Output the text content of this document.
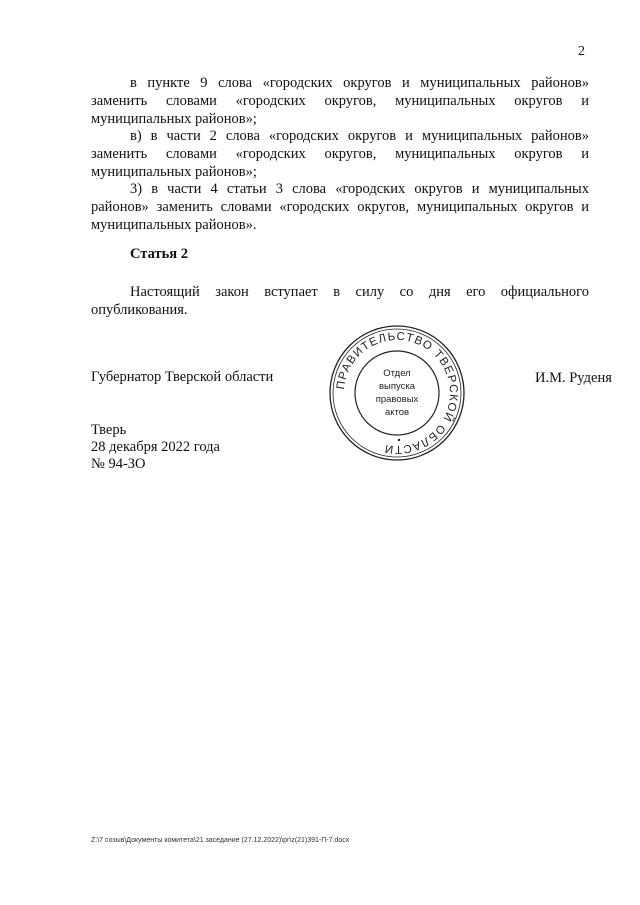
2

в пункте 9 слова «городских округов и муниципальных районов» заменить словами «городских округов, муниципальных округов и муниципальных районов»;

в) в части 2 слова «городских округов и муниципальных районов» заменить словами «городских округов, муниципальных округов и муниципальных районов»;

3) в части 4 статьи 3 слова «городских округов и муниципальных районов» заменить словами «городских округов, муниципальных округов и муниципальных районов».

Статья 2

Настоящий закон вступает в силу со дня его официального опубликования.

Губернатор Тверской области	ПРАВИТЕЛЬСТВО ТВЕРСКОЙ ОБЛАСТИ
Отдел
выпуска
правовых
актов
И.М. Руденя
Тверь
28 декабря 2022 года
№ 94-ЗО
Z:\7 созыв\Документы комитета\21 заседание (27.12.2022)\pr\z(21)391-П-7.docx
